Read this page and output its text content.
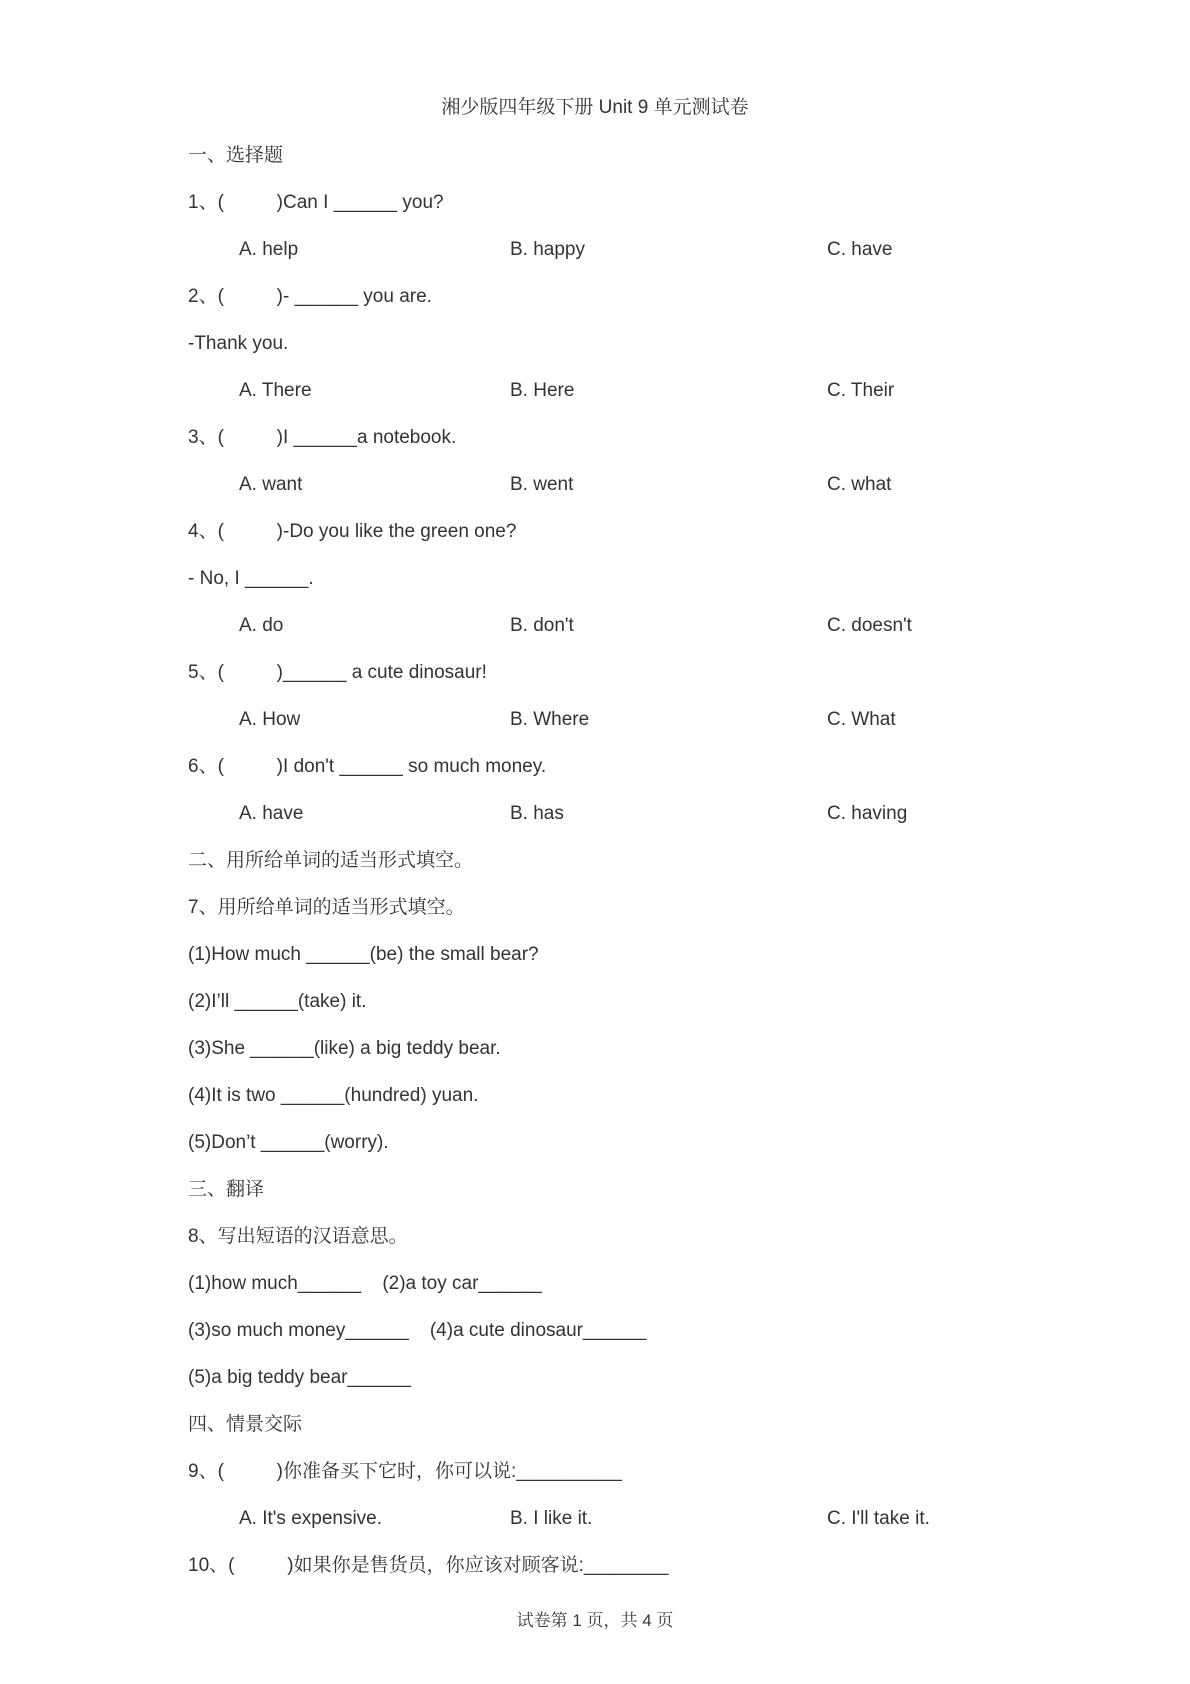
湘少版四年级下册 Unit 9 单元测试卷
一、选择题
1、(          )Can I ______ you?
A. help	B. happy	C. have
2、(          )- ______ you are.
-Thank you.
A. There	B. Here	C. Their
3、(          )I ______a notebook.
A. want	B. went	C. what
4、(          )-Do you like the green one?
- No, I ______.
A. do	B. don't	C. doesn't
5、(          )______ a cute dinosaur!
A. How	B. Where	C. What
6、(          )I don't ______ so much money.
A. have	B. has	C. having
二、用所给单词的适当形式填空。
7、用所给单词的适当形式填空。
(1)How much ______(be) the small bear?
(2)I’ll ______(take) it.
(3)She ______(like) a big teddy bear.
(4)It is two ______(hundred) yuan.
(5)Don’t ______(worry).
三、翻译
8、写出短语的汉语意思。
(1)how much______    (2)a toy car______
(3)so much money______    (4)a cute dinosaur______
(5)a big teddy bear______
四、情景交际
9、(          )你准备买下它时，你可以说:__________
A. It's expensive.	B. I like it.	C. I'll take it.
10、(          )如果你是售货员，你应该对顾客说:________
试卷第 1 页，共 4 页
